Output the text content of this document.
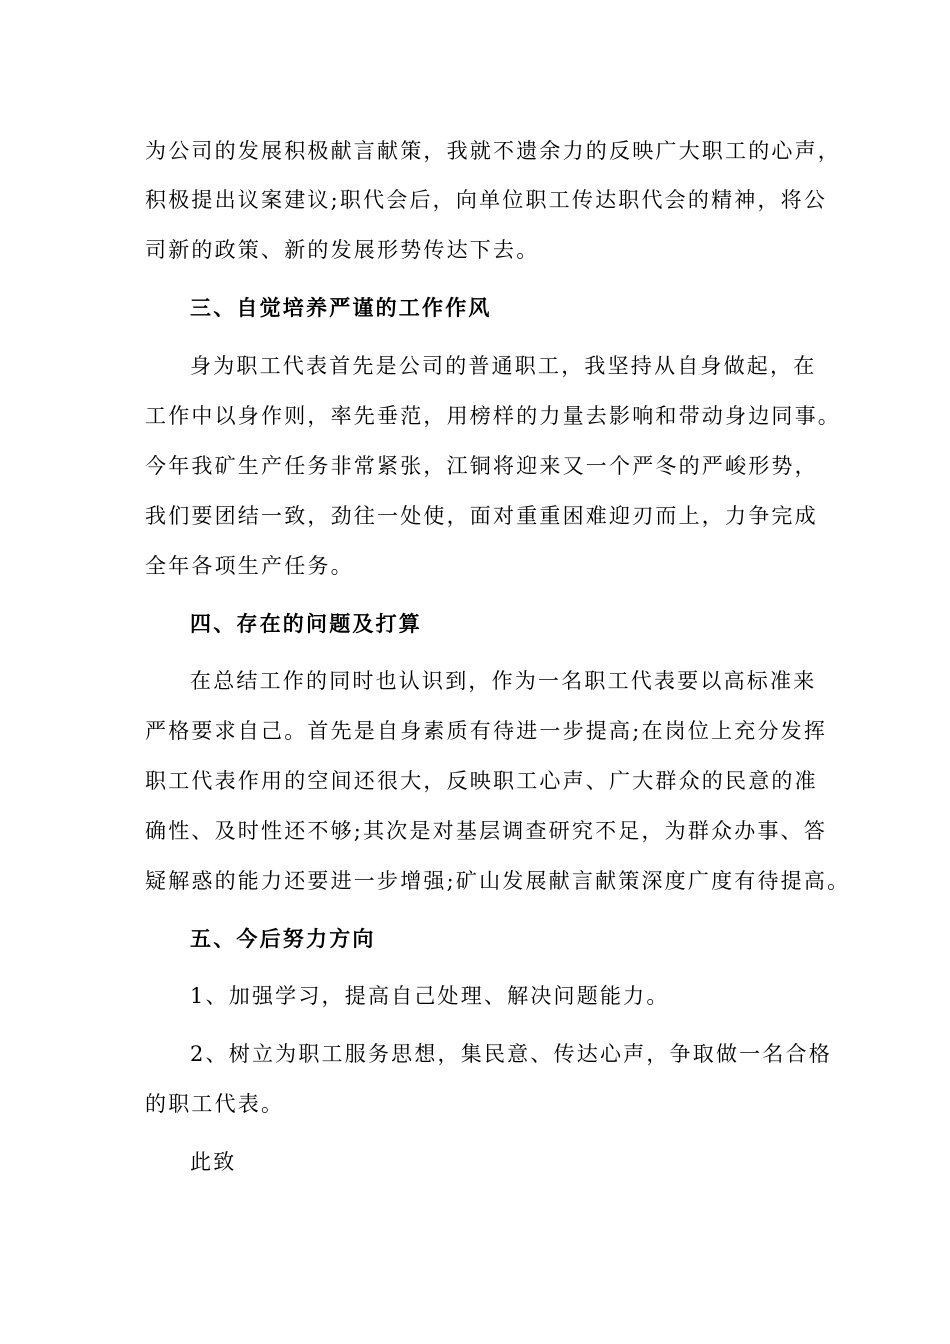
为公司的发展积极献言献策，我就不遗余力的反映广大职工的心声，
积极提出议案建议;职代会后，向单位职工传达职代会的精神，将公
司新的政策、新的发展形势传达下去。
三、自觉培养严谨的工作作风
身为职工代表首先是公司的普通职工，我坚持从自身做起，在
工作中以身作则，率先垂范，用榜样的力量去影响和带动身边同事。
今年我矿生产任务非常紧张，江铜将迎来又一个严冬的严峻形势，
我们要团结一致，劲往一处使，面对重重困难迎刃而上，力争完成
全年各项生产任务。
四、存在的问题及打算
在总结工作的同时也认识到，作为一名职工代表要以高标准来
严格要求自己。首先是自身素质有待进一步提高;在岗位上充分发挥
职工代表作用的空间还很大，反映职工心声、广大群众的民意的准
确性、及时性还不够;其次是对基层调查研究不足，为群众办事、答
疑解惑的能力还要进一步增强;矿山发展献言献策深度广度有待提高。
五、今后努力方向
1、加强学习，提高自己处理、解决问题能力。
2、树立为职工服务思想，集民意、传达心声，争取做一名合格
的职工代表。
此致
